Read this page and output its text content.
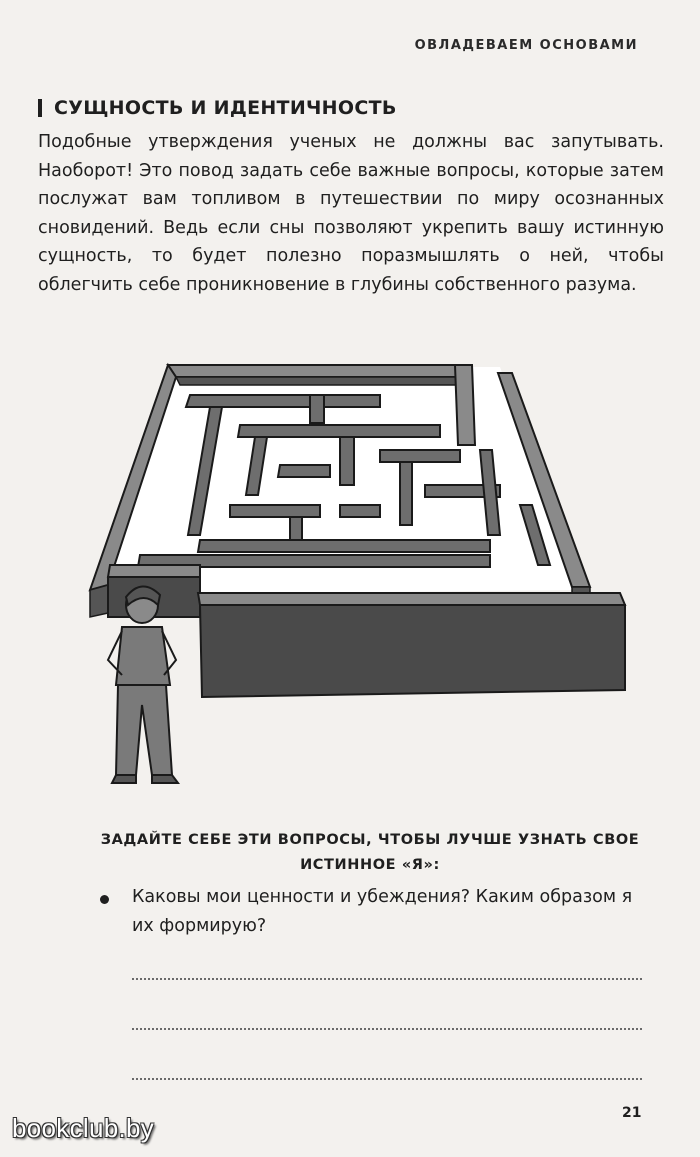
ОВЛАДЕВАЕМ ОСНОВАМИ
СУЩНОСТЬ И ИДЕНТИЧНОСТЬ

Подобные утверждения ученых не должны вас запутывать. Наоборот! Это повод задать себе важные вопросы, которые затем послужат вам топливом в путешествии по миру осознанных сновидений. Ведь если сны позволяют укрепить вашу истинную сущность, то будет полезно поразмышлять о ней, чтобы облегчить себе проникновение в глубины собственного разума.

ЗАДАЙТЕ СЕБЕ ЭТИ ВОПРОСЫ, ЧТОБЫ ЛУЧШЕ УЗНАТЬ СВОЕ ИСТИННОЕ «Я»:

Каковы мои ценности и убеждения? Каким образом я их формирую?

21
bookclub.by
